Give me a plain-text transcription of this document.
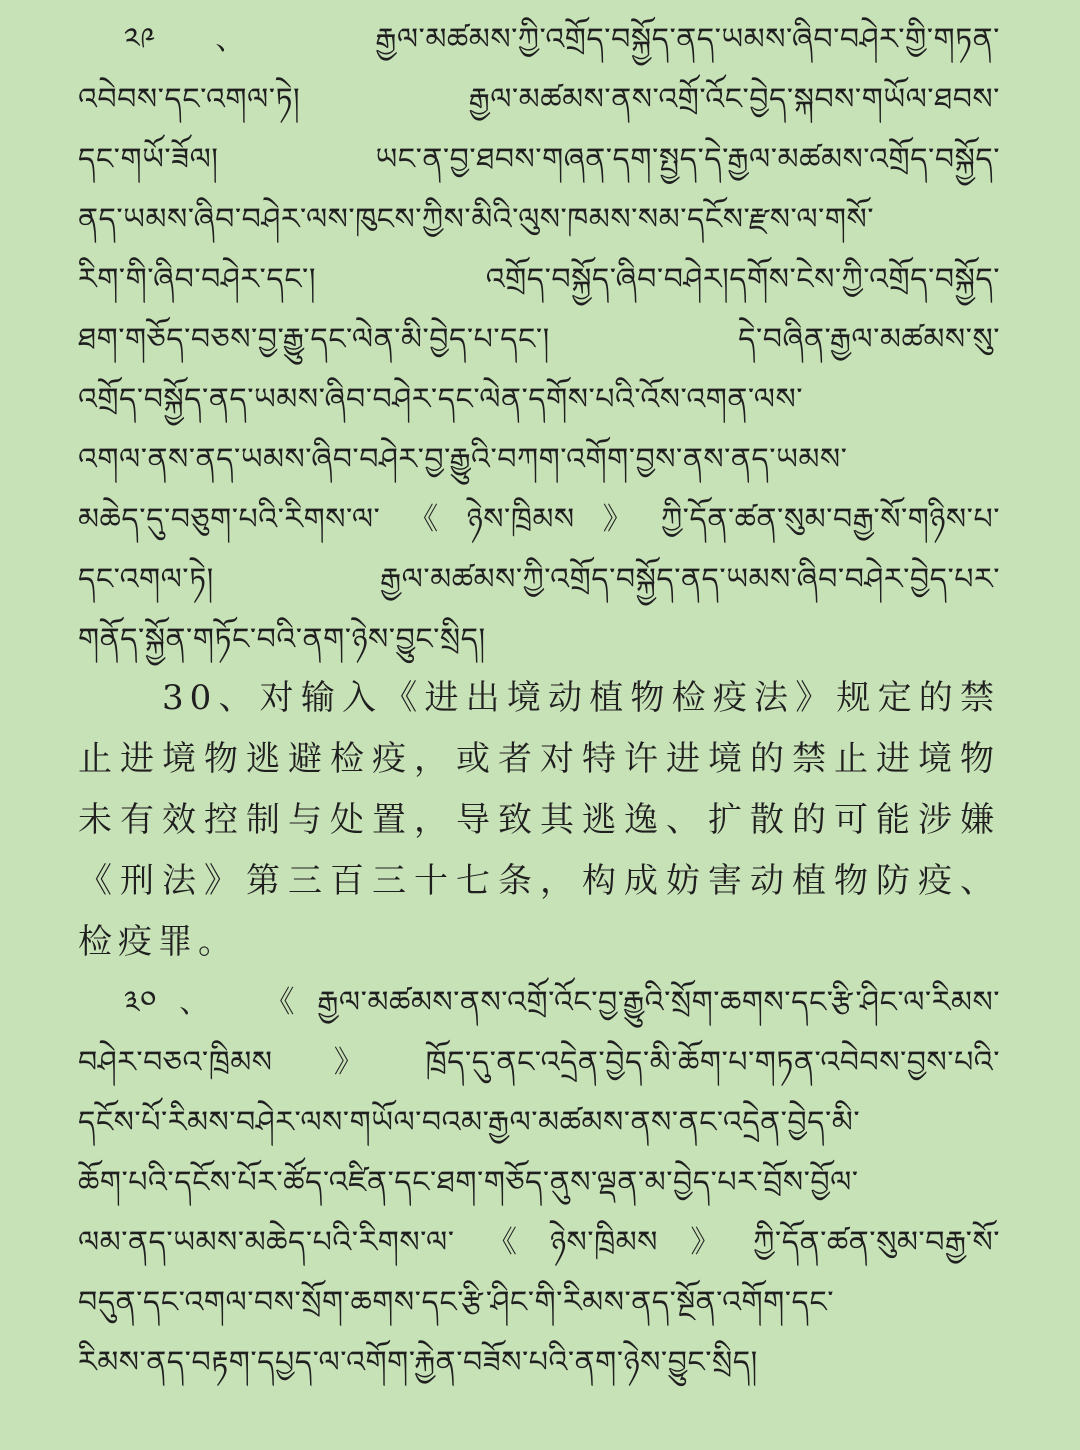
༢༩、 རྒྱལ་མཚམས་ཀྱི་འགྲོད་བསྐྱོད་ནད་ཡམས་ཞིབ་བཤེར་གྱི་གཏན་
འབེབས་དང་འགལ་ཏེ། རྒྱལ་མཚམས་ནས་འགྲོ་འོང་བྱེད་སྐབས་གཡོལ་ཐབས་
དང་གཡོ་ཟོལ། ཡང་ན་བྱ་ཐབས་གཞན་དག་སྤྱད་དེ་རྒྱལ་མཚམས་འགྲོད་བསྐྱོད་
ནད་ཡམས་ཞིབ་བཤེར་ལས་ཁུངས་ཀྱིས་མིའི་ལུས་ཁམས་སམ་དངོས་རྫས་ལ་གསོ་
རིག་གི་ཞིབ་བཤེར་དང་། འགྲོད་བསྐྱོད་ཞིབ་བཤེར།དགོས་ངེས་ཀྱི་འགྲོད་བསྐྱོད་
ཐག་གཅོད་བཅས་བྱ་རྒྱུ་དང་ལེན་མི་བྱེད་པ་དང་། དེ་བཞིན་རྒྱལ་མཚམས་སུ་
འགྲོད་བསྐྱོད་ནད་ཡམས་ཞིབ་བཤེར་དང་ལེན་དགོས་པའི་འོས་འགན་ལས་
འགལ་ནས་ནད་ཡམས་ཞིབ་བཤེར་བྱ་རྒྱུའི་བཀག་འགོག་བྱས་ནས་ནད་ཡམས་
མཆེད་དུ་བཅུག་པའི་རིགས་ལ་《ཉེས་ཁྲིམས》ཀྱི་དོན་ཚན་སུམ་བརྒྱ་སོ་གཉིས་པ་
དང་འགལ་ཏེ། རྒྱལ་མཚམས་ཀྱི་འགྲོད་བསྐྱོད་ནད་ཡམས་ཞིབ་བཤེར་བྱེད་པར་
གནོད་སྐྱོན་གཏོང་བའི་ནག་ཉེས་བྱུང་སྲིད།
30、对输入《进出境动植物检疫法》规定的禁
止进境物逃避检疫，或者对特许进境的禁止进境物
未有效控制与处置，导致其逃逸、扩散的可能涉嫌
《刑法》第三百三十七条，构成妨害动植物防疫、
检疫罪。
༣༠、 《རྒྱལ་མཚམས་ནས་འགྲོ་འོང་བྱ་རྒྱུའི་སྲོག་ཆགས་དང་རྩི་ཤིང་ལ་རིམས་
བཤེར་བཅའ་ཁྲིམས》ཁྲོད་དུ་ནང་འདྲེན་བྱེད་མི་ཆོག་པ་གཏན་འབེབས་བྱས་པའི་
དངོས་པོ་རིམས་བཤེར་ལས་གཡོལ་བའམ་རྒྱལ་མཚམས་ནས་ནང་འདྲེན་བྱེད་མི་
ཆོག་པའི་དངོས་པོར་ཚོད་འཛིན་དང་ཐག་གཅོད་ནུས་ལྡན་མ་བྱེད་པར་བྲོས་བྱོལ་
ལམ་ནད་ཡམས་མཆེད་པའི་རིགས་ལ་《ཉེས་ཁྲིམས》ཀྱི་དོན་ཚན་སུམ་བརྒྱ་སོ་
བདུན་དང་འགལ་བས་སྲོག་ཆགས་དང་རྩི་ཤིང་གི་རིམས་ནད་སྔོན་འགོག་དང་
རིམས་ནད་བརྟག་དཔྱད་ལ་འགོག་རྐྱེན་བཟོས་པའི་ནག་ཉེས་བྱུང་སྲིད།
